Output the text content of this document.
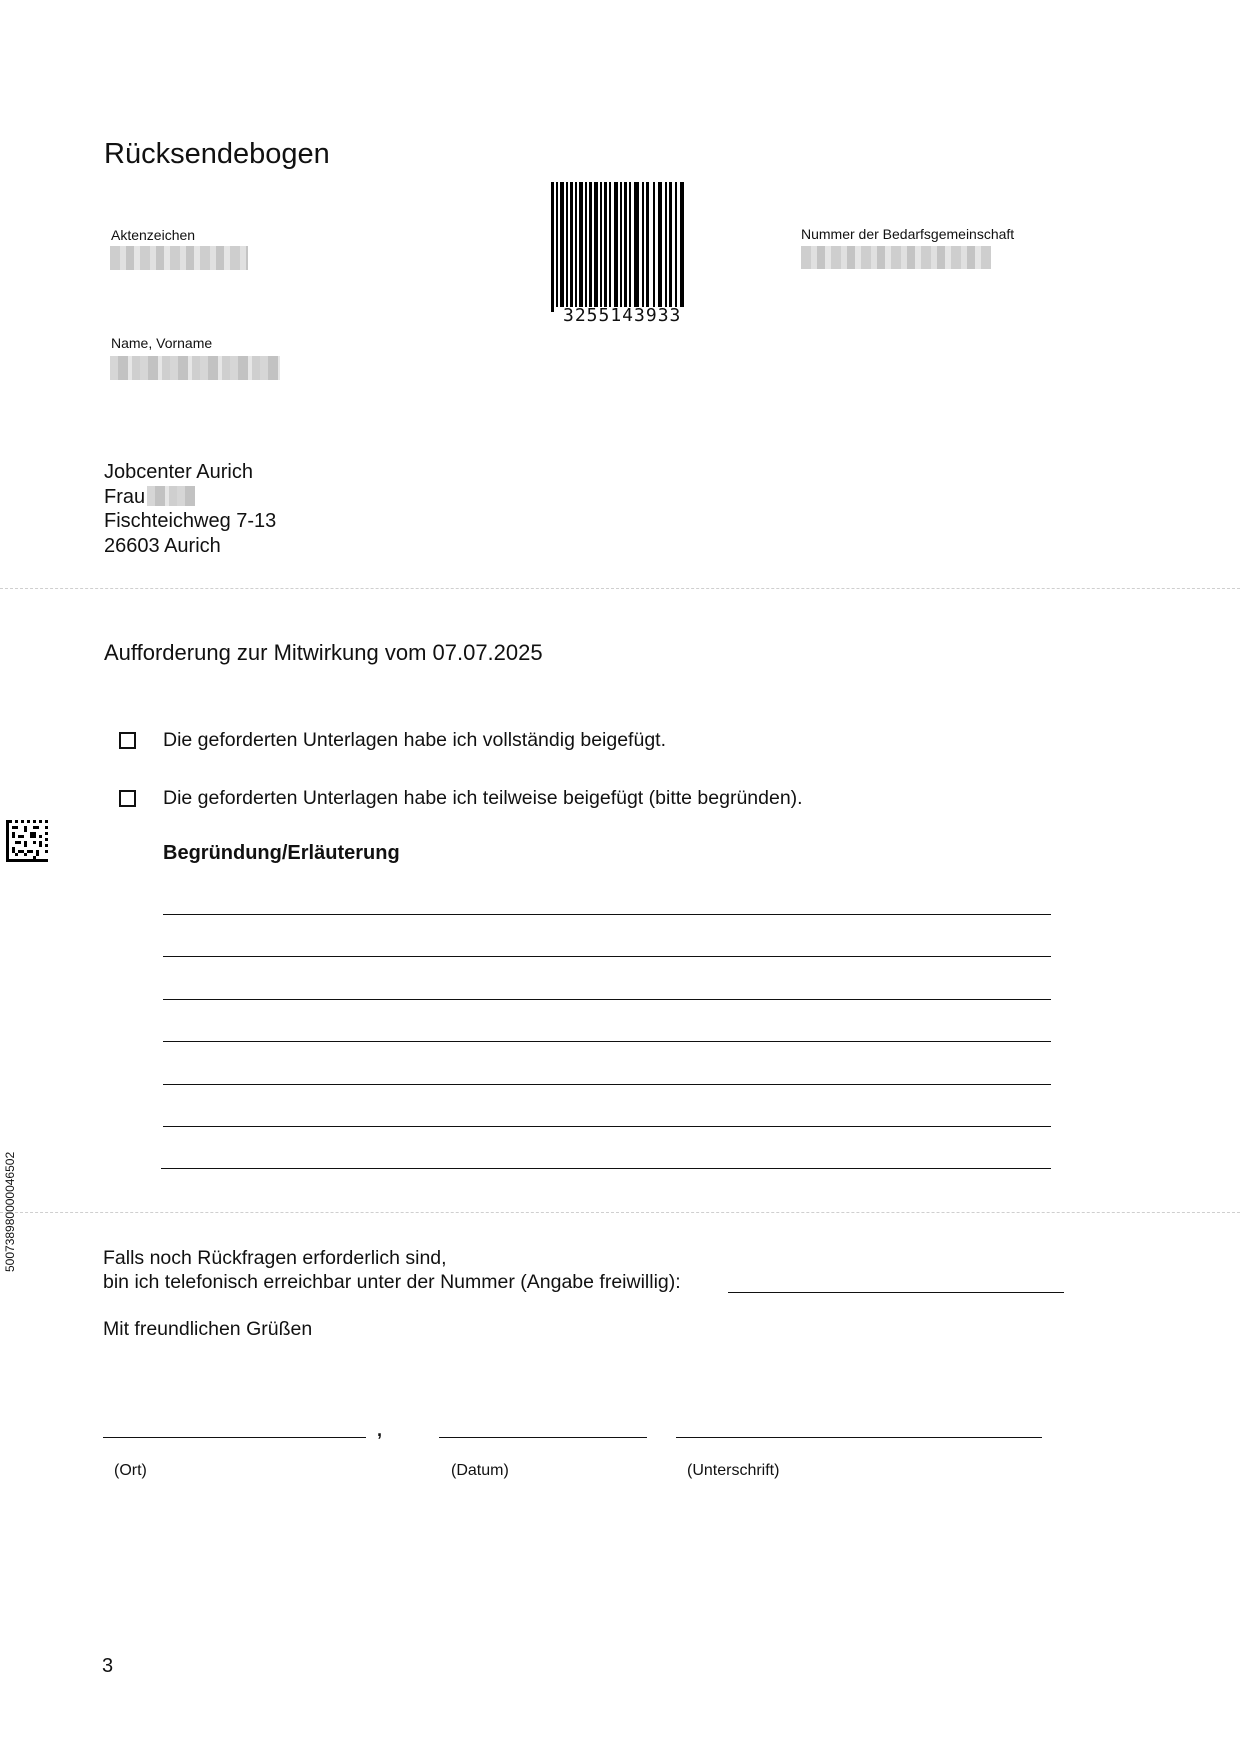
Rücksendebogen
Aktenzeichen
Name, Vorname
Nummer der Bedarfsgemeinschaft
3255143933
Jobcenter Aurich
Frau
Fischteichweg 7-13
26603 Aurich
Aufforderung zur Mitwirkung vom 07.07.2025
Die geforderten Unterlagen habe ich vollständig beigefügt.
Die geforderten Unterlagen habe ich teilweise beigefügt (bitte begründen).
Begründung/Erläuterung
Falls noch Rückfragen erforderlich sind,
bin ich telefonisch erreichbar unter der Nummer (Angabe freiwillig):
Mit freundlichen Grüßen
,
(Ort)	(Datum)	(Unterschrift)
500738980000046502
3
